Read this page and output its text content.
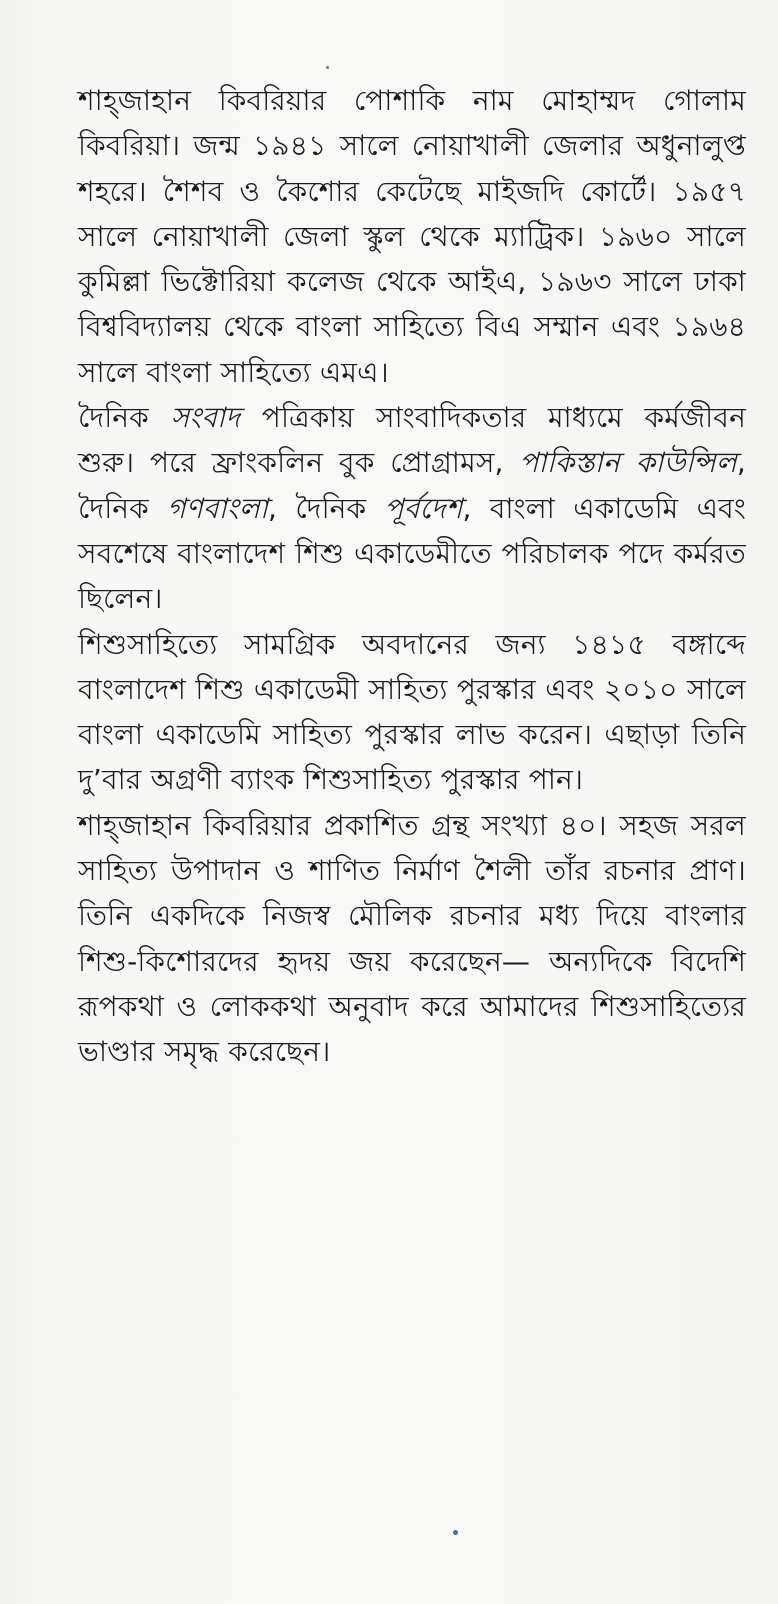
শাহ্‌জাহান কিবরিয়ার পোশাকি নাম মোহাম্মদ গোলাম কিবরিয়া। জন্ম ১৯৪১ সালে নোয়াখালী জেলার অধুনালুপ্ত শহরে। শৈশব ও কৈশোর কেটেছে মাইজদি কোর্টে। ১৯৫৭ সালে নোয়াখালী জেলা স্কুল থেকে ম্যাট্রিক। ১৯৬০ সালে কুমিল্লা ভিক্টোরিয়া কলেজ থেকে আইএ, ১৯৬৩ সালে ঢাকা বিশ্ববিদ্যালয় থেকে বাংলা সাহিত্যে বিএ সম্মান এবং ১৯৬৪ সালে বাংলা সাহিত্যে এমএ।

দৈনিক সংবাদ পত্রিকায় সাংবাদিকতার মাধ্যমে কর্মজীবন শুরু। পরে ফ্রাংকলিন বুক প্রোগ্রামস, পাকিস্তান কাউন্সিল, দৈনিক গণবাংলা, দৈনিক পূর্বদেশ, বাংলা একাডেমি এবং সবশেষে বাংলাদেশ শিশু একাডেমীতে পরিচালক পদে কর্মরত ছিলেন।

শিশুসাহিত্যে সামগ্রিক অবদানের জন্য ১৪১৫ বঙ্গাব্দে বাংলাদেশ শিশু একাডেমী সাহিত্য পুরস্কার এবং ২০১০ সালে বাংলা একাডেমি সাহিত্য পুরস্কার লাভ করেন। এছাড়া তিনি দু’বার অগ্রণী ব্যাংক শিশুসাহিত্য পুরস্কার পান।

শাহ্‌জাহান কিবরিয়ার প্রকাশিত গ্রন্থ সংখ্যা ৪০। সহজ সরল সাহিত্য উপাদান ও শাণিত নির্মাণ শৈলী তাঁর রচনার প্রাণ। তিনি একদিকে নিজস্ব মৌলিক রচনার মধ্য দিয়ে বাংলার শিশু-কিশোরদের হৃদয় জয় করেছেন— অন্যদিকে বিদেশি রূপকথা ও লোককথা অনুবাদ করে আমাদের শিশুসাহিত্যের ভাণ্ডার সমৃদ্ধ করেছেন।
